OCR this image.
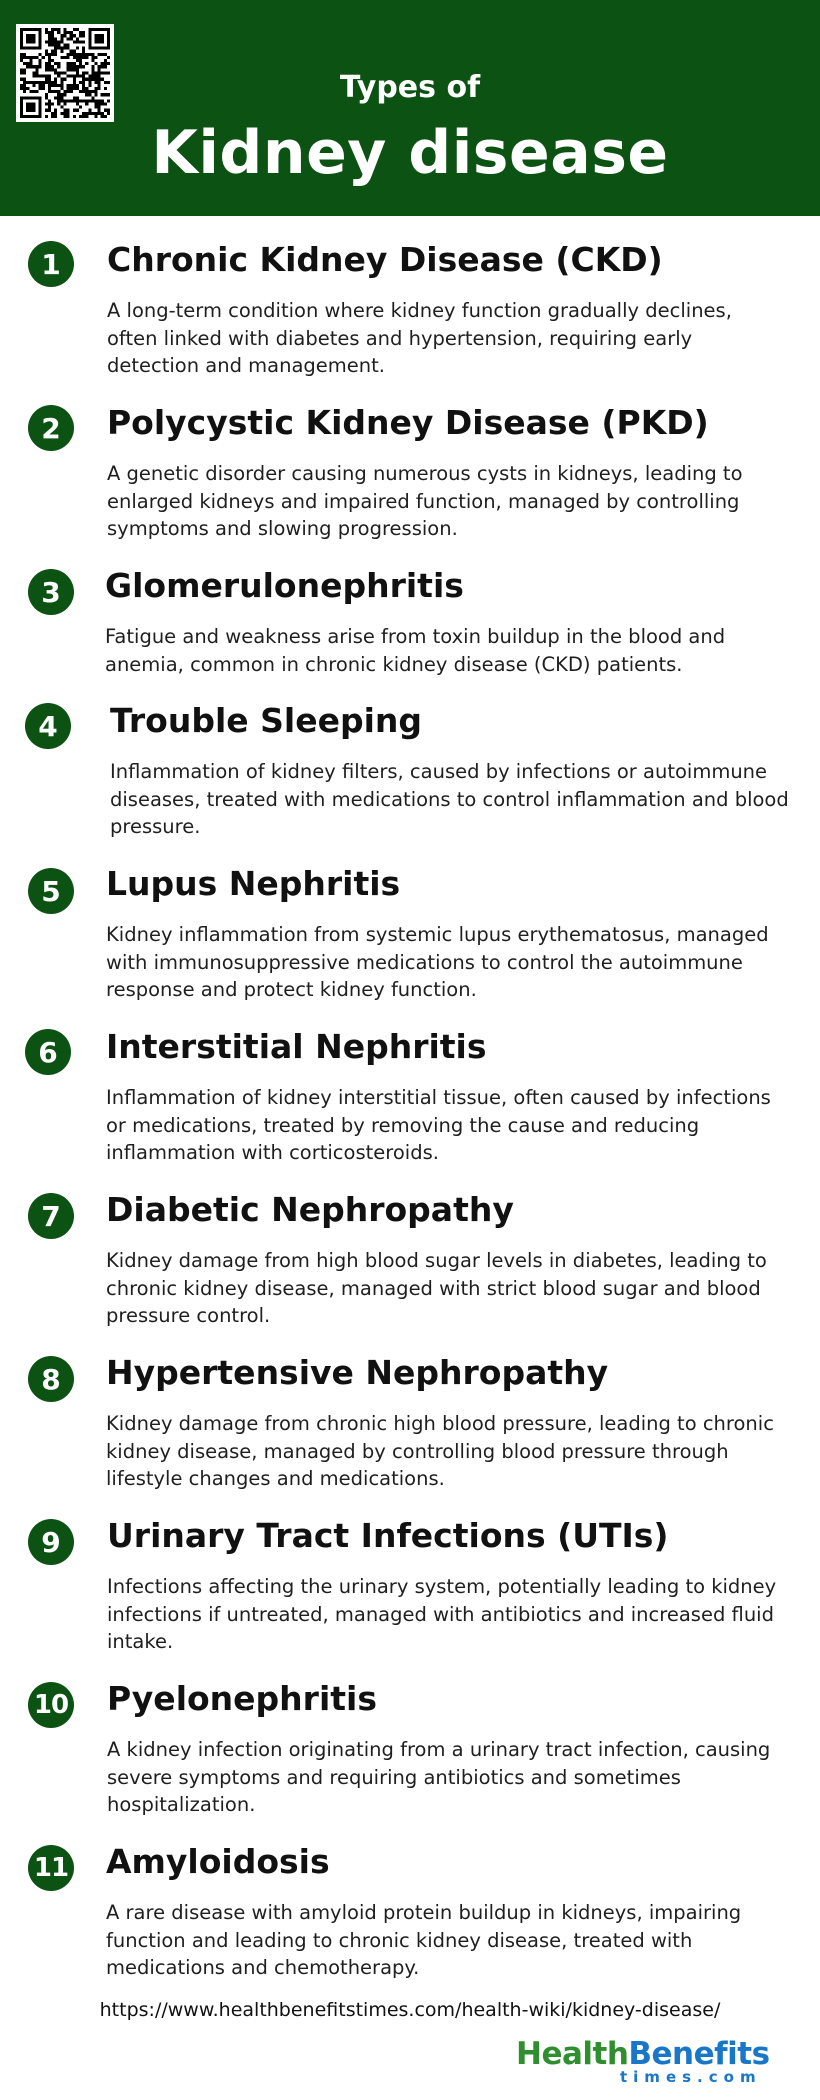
Types of
Kidney disease
1	Chronic Kidney Disease (CKD)
A long-term condition where kidney function gradually declines, often linked with diabetes and hypertension, requiring early detection and management.
2	Polycystic Kidney Disease (PKD)
A genetic disorder causing numerous cysts in kidneys, leading to enlarged kidneys and impaired function, managed by controlling symptoms and slowing progression.
3	Glomerulonephritis
Fatigue and weakness arise from toxin buildup in the blood and anemia, common in chronic kidney disease (CKD) patients.
4	Trouble Sleeping
Inflammation of kidney filters, caused by infections or autoimmune diseases, treated with medications to control inflammation and blood pressure.
5	Lupus Nephritis
Kidney inflammation from systemic lupus erythematosus, managed with immunosuppressive medications to control the autoimmune response and protect kidney function.
6	Interstitial Nephritis
Inflammation of kidney interstitial tissue, often caused by infections or medications, treated by removing the cause and reducing inflammation with corticosteroids.
7	Diabetic Nephropathy
Kidney damage from high blood sugar levels in diabetes, leading to chronic kidney disease, managed with strict blood sugar and blood pressure control.
8	Hypertensive Nephropathy
Kidney damage from chronic high blood pressure, leading to chronic kidney disease, managed by controlling blood pressure through lifestyle changes and medications.
9	Urinary Tract Infections (UTIs)
Infections affecting the urinary system, potentially leading to kidney infections if untreated, managed with antibiotics and increased fluid intake.
10 Pyelonephritis
A kidney infection originating from a urinary tract infection, causing severe symptoms and requiring antibiotics and sometimes hospitalization.
11 Amyloidosis
A rare disease with amyloid protein buildup in kidneys, impairing function and leading to chronic kidney disease, treated with medications and chemotherapy.
https://www.healthbenefitstimes.com/health-wiki/kidney-disease/
HealthBenefits
times.com
